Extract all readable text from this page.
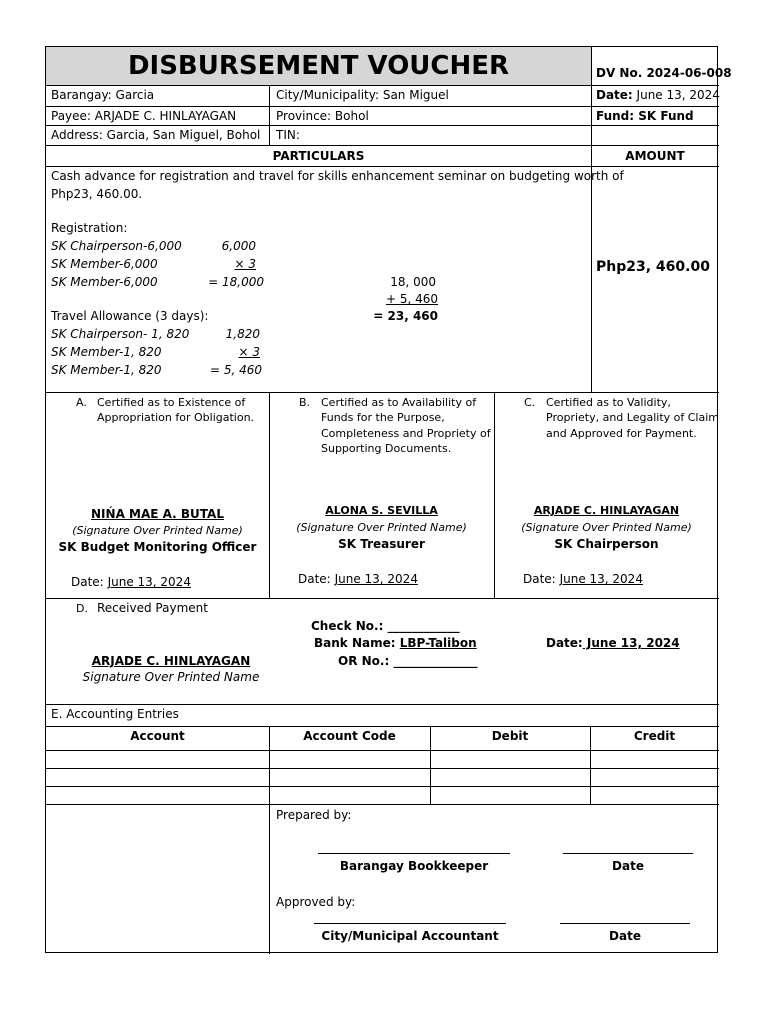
DISBURSEMENT VOUCHER	DV No. 2024-06-008
Barangay: Garcia	City/Municipality: San Miguel	Date: June 13, 2024
Payee: ARJADE C. HINLAYAGAN	Province: Bohol	Fund: SK Fund
Address: Garcia, San Miguel, Bohol TIN:
PARTICULARS	AMOUNT
Cash advance for registration and travel for skills enhancement seminar on budgeting worth of
Php23, 460.00.
Registration:
SK Chairperson-6,000	6,000
SK Member-6,000	× 3
SK Member-6,000	= 18,000	18, 000
+ 5, 460
= 23, 460
Travel Allowance (3 days):
SK Chairperson- 1, 820	1,820
SK Member-1, 820	× 3
SK Member-1, 820	= 5, 460
Php23, 460.00
A. Certified as to Existence of
Appropriation for Obligation.
NIŃA MAE A. BUTAL
(Signature Over Printed Name)
SK Budget Monitoring Officer
Date: June 13, 2024
B. Certified as to Availability of
Funds for the Purpose,
Completeness and Propriety of
Supporting Documents.
ALONA S. SEVILLA
(Signature Over Printed Name)
SK Treasurer
Date: June 13, 2024
C. Certified as to Validity,
Propriety, and Legality of Claim
and Approved for Payment.
ARJADE C. HINLAYAGAN
(Signature Over Printed Name)
SK Chairperson
Date: June 13, 2024
D. Received Payment
ARJADE C. HINLAYAGAN
Signature Over Printed Name
Check No.: ____________
Bank Name: LBP-Talibon
OR No.: ______________
Date: June 13, 2024
E. Accounting Entries
Account	Account Code	Debit	Credit
Prepared by:
Barangay Bookkeeper	Date
Approved by:
City/Municipal Accountant	Date
